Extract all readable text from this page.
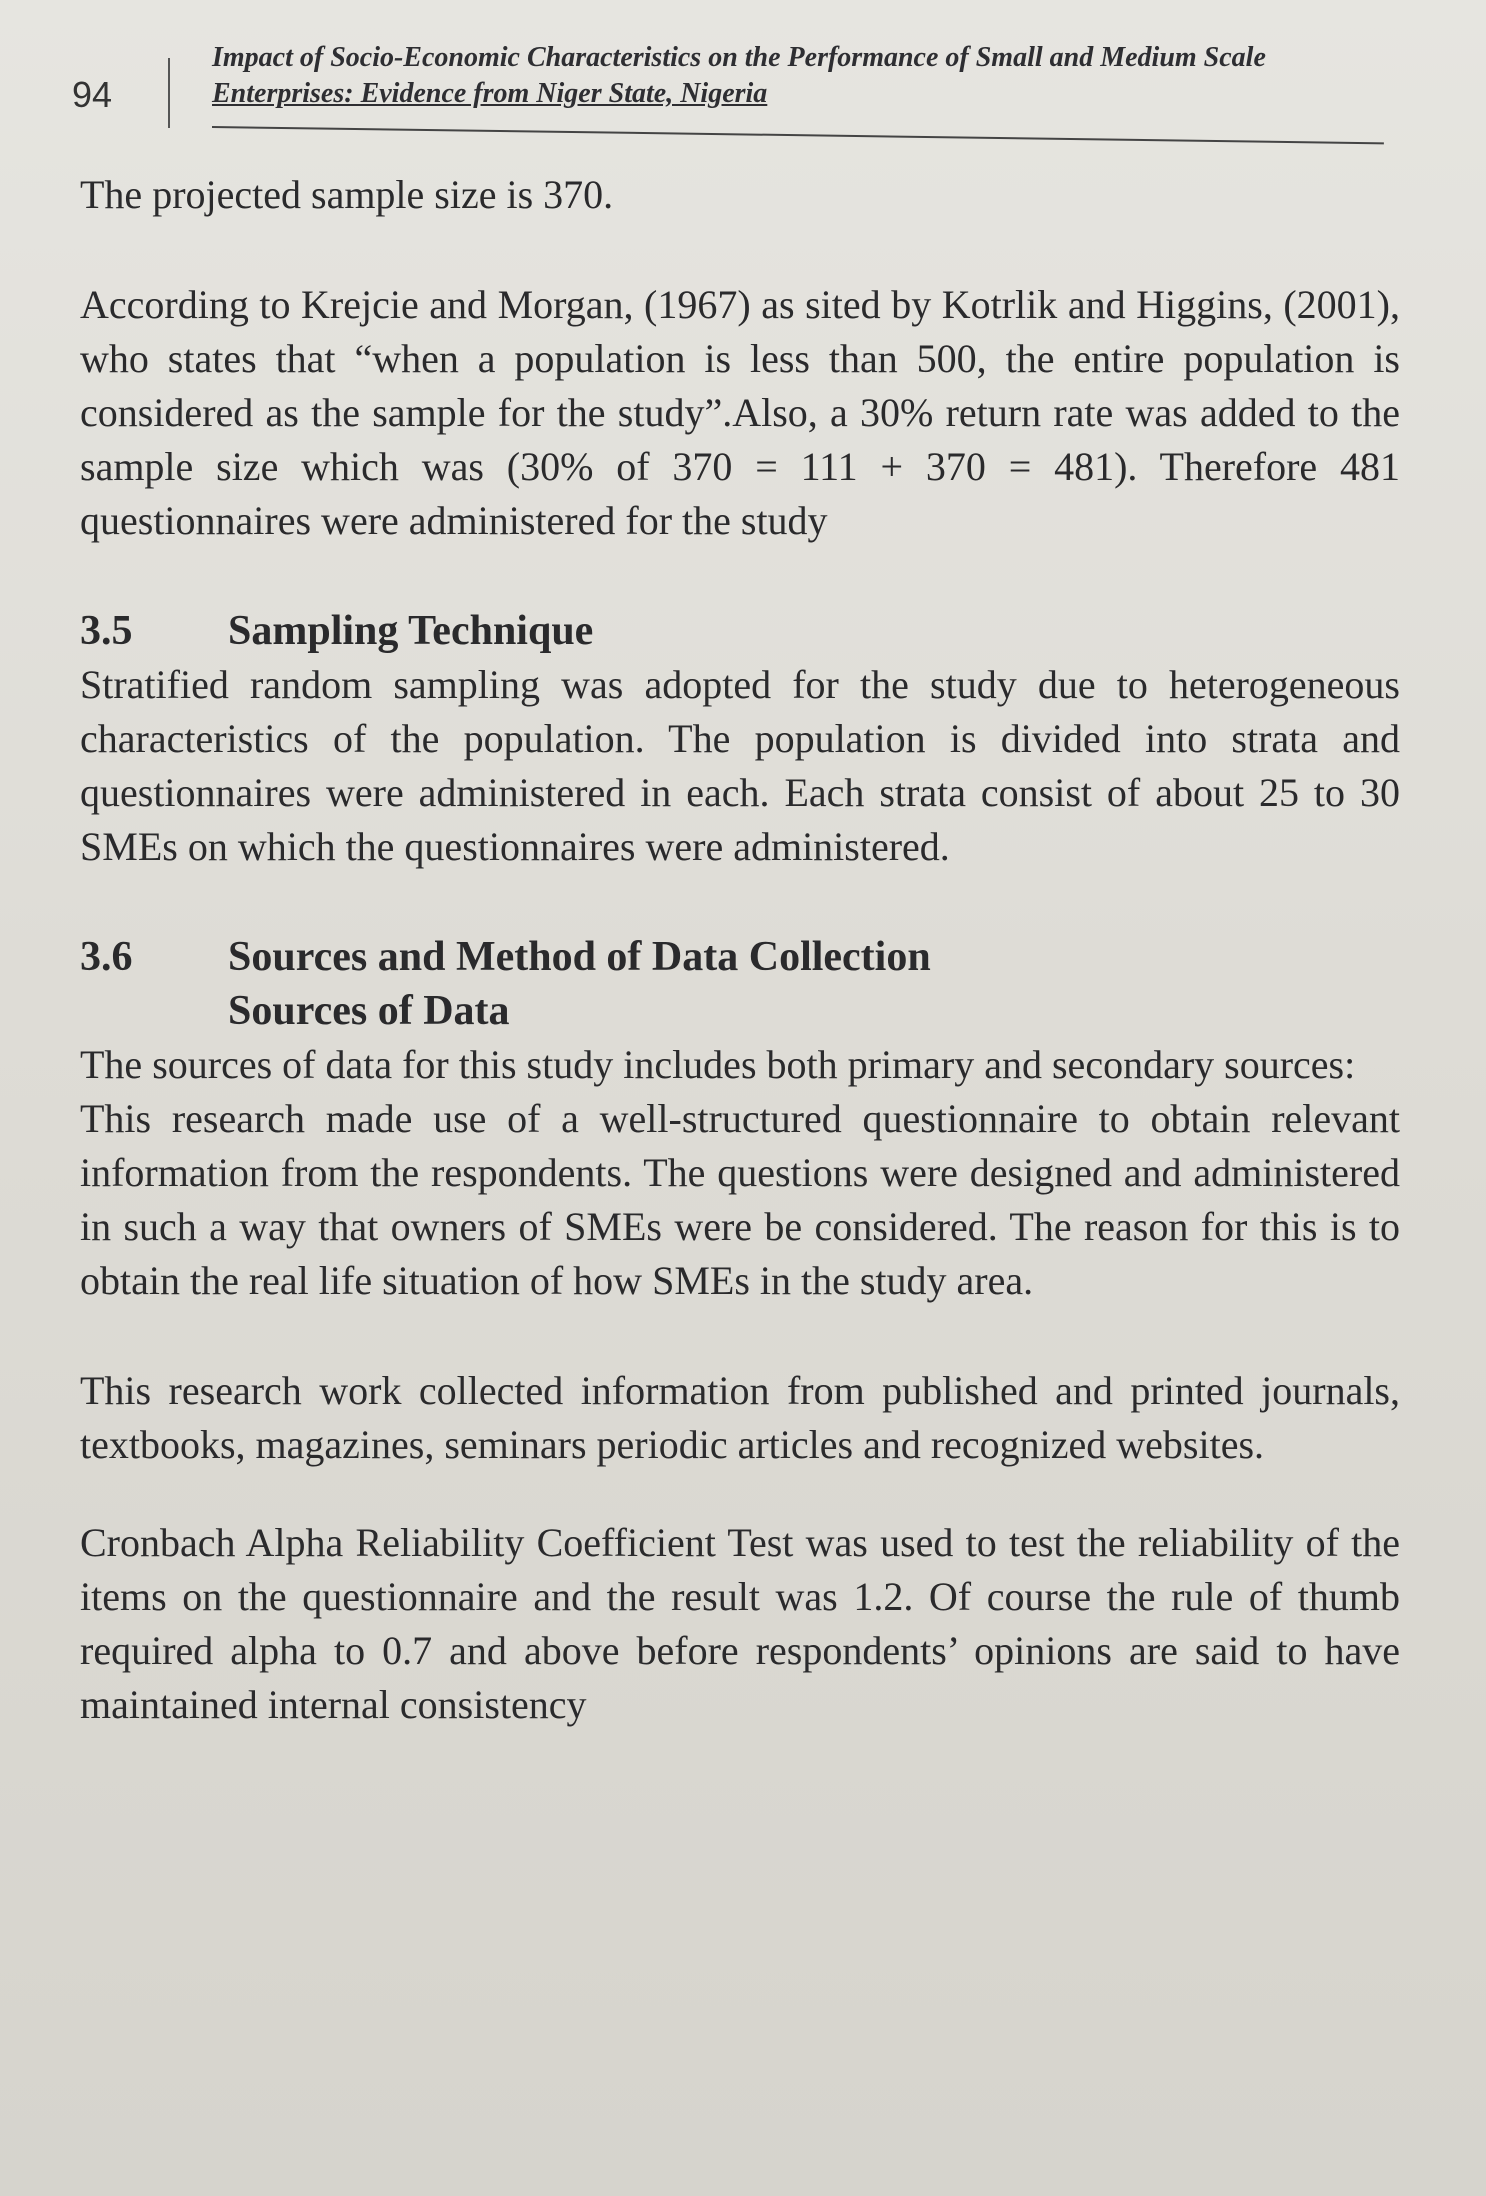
94
Impact of Socio-Economic Characteristics on the Performance of Small and Medium Scale
Enterprises: Evidence from Niger State, Nigeria

The projected sample size is 370.

According to Krejcie and Morgan, (1967) as sited by Kotrlik and Higgins, (2001), who states that “when a population is less than 500, the entire population is considered as the sample for the study”.Also, a 30% return rate was added to the sample size which was (30% of 370 = 111 + 370 = 481). Therefore 481 questionnaires were administered for the study

3.5	Sampling Technique

Stratified random sampling was adopted for the study due to heterogeneous characteristics of the population. The population is divided into strata and questionnaires were administered in each. Each strata consist of about 25 to 30 SMEs on which the questionnaires were administered.

3.6	Sources and Method of Data Collection
Sources of Data

The sources of data for this study includes both primary and secondary sources:

This research made use of a well-structured questionnaire to obtain relevant information from the respondents. The questions were designed and administered in such a way that owners of SMEs were be considered. The reason for this is to obtain the real life situation of how SMEs in the study area.

This research work collected information from published and printed journals, textbooks, magazines, seminars periodic articles and recognized websites.

Cronbach Alpha Reliability Coefficient Test was used to test the reliability of the items on the questionnaire and the result was 1.2. Of course the rule of thumb required alpha to 0.7 and above before respondents’ opinions are said to have maintained internal consistency
